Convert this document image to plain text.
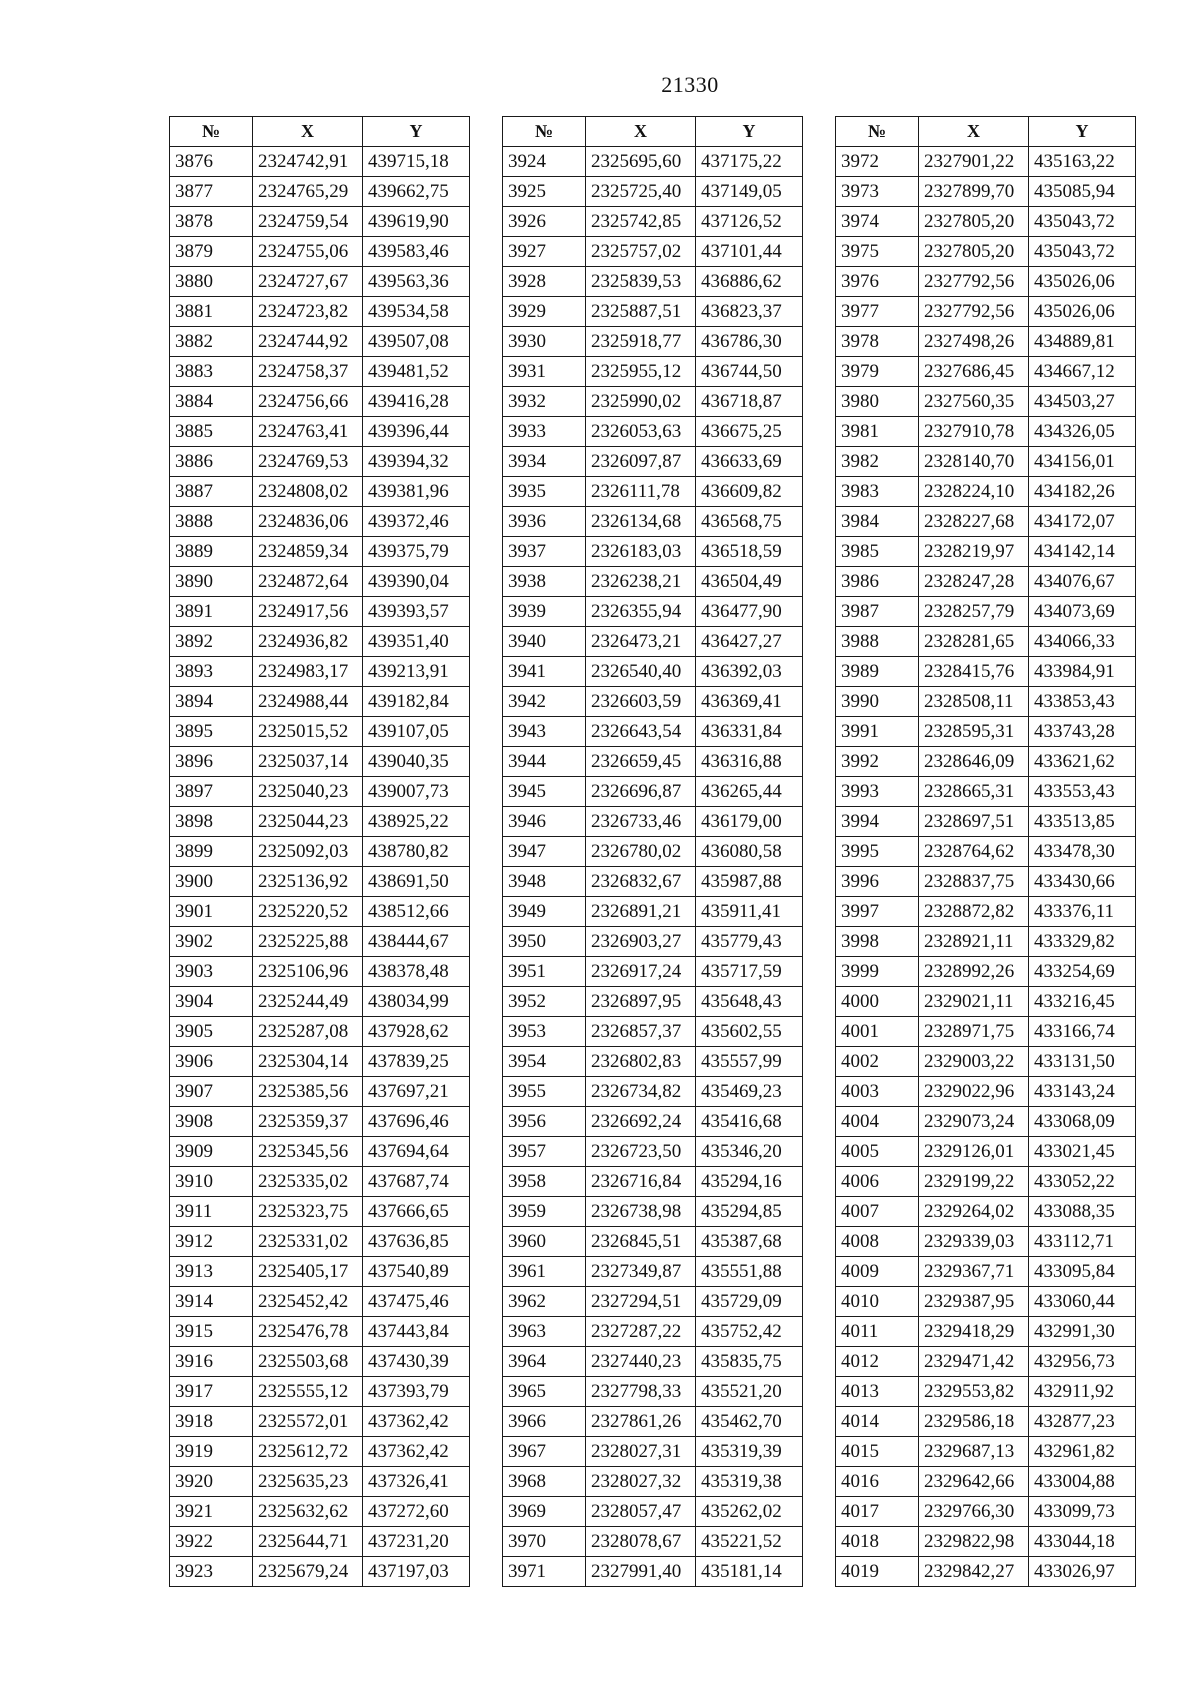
21330
№	X	Y
3876	2324742,91	439715,18
3877	2324765,29	439662,75
3878	2324759,54	439619,90
3879	2324755,06	439583,46
3880	2324727,67	439563,36
3881	2324723,82	439534,58
3882	2324744,92	439507,08
3883	2324758,37	439481,52
3884	2324756,66	439416,28
3885	2324763,41	439396,44
3886	2324769,53	439394,32
3887	2324808,02	439381,96
3888	2324836,06	439372,46
3889	2324859,34	439375,79
3890	2324872,64	439390,04
3891	2324917,56	439393,57
3892	2324936,82	439351,40
3893	2324983,17	439213,91
3894	2324988,44	439182,84
3895	2325015,52	439107,05
3896	2325037,14	439040,35
3897	2325040,23	439007,73
3898	2325044,23	438925,22
3899	2325092,03	438780,82
3900	2325136,92	438691,50
3901	2325220,52	438512,66
3902	2325225,88	438444,67
3903	2325106,96	438378,48
3904	2325244,49	438034,99
3905	2325287,08	437928,62
3906	2325304,14	437839,25
3907	2325385,56	437697,21
3908	2325359,37	437696,46
3909	2325345,56	437694,64
3910	2325335,02	437687,74
3911	2325323,75	437666,65
3912	2325331,02	437636,85
3913	2325405,17	437540,89
3914	2325452,42	437475,46
3915	2325476,78	437443,84
3916	2325503,68	437430,39
3917	2325555,12	437393,79
3918	2325572,01	437362,42
3919	2325612,72	437362,42
3920	2325635,23	437326,41
3921	2325632,62	437272,60
3922	2325644,71	437231,20
3923	2325679,24	437197,03
№	X	Y
3924	2325695,60	437175,22
3925	2325725,40	437149,05
3926	2325742,85	437126,52
3927	2325757,02	437101,44
3928	2325839,53	436886,62
3929	2325887,51	436823,37
3930	2325918,77	436786,30
3931	2325955,12	436744,50
3932	2325990,02	436718,87
3933	2326053,63	436675,25
3934	2326097,87	436633,69
3935	2326111,78	436609,82
3936	2326134,68	436568,75
3937	2326183,03	436518,59
3938	2326238,21	436504,49
3939	2326355,94	436477,90
3940	2326473,21	436427,27
3941	2326540,40	436392,03
3942	2326603,59	436369,41
3943	2326643,54	436331,84
3944	2326659,45	436316,88
3945	2326696,87	436265,44
3946	2326733,46	436179,00
3947	2326780,02	436080,58
3948	2326832,67	435987,88
3949	2326891,21	435911,41
3950	2326903,27	435779,43
3951	2326917,24	435717,59
3952	2326897,95	435648,43
3953	2326857,37	435602,55
3954	2326802,83	435557,99
3955	2326734,82	435469,23
3956	2326692,24	435416,68
3957	2326723,50	435346,20
3958	2326716,84	435294,16
3959	2326738,98	435294,85
3960	2326845,51	435387,68
3961	2327349,87	435551,88
3962	2327294,51	435729,09
3963	2327287,22	435752,42
3964	2327440,23	435835,75
3965	2327798,33	435521,20
3966	2327861,26	435462,70
3967	2328027,31	435319,39
3968	2328027,32	435319,38
3969	2328057,47	435262,02
3970	2328078,67	435221,52
3971	2327991,40	435181,14
№	X	Y
3972	2327901,22	435163,22
3973	2327899,70	435085,94
3974	2327805,20	435043,72
3975	2327805,20	435043,72
3976	2327792,56	435026,06
3977	2327792,56	435026,06
3978	2327498,26	434889,81
3979	2327686,45	434667,12
3980	2327560,35	434503,27
3981	2327910,78	434326,05
3982	2328140,70	434156,01
3983	2328224,10	434182,26
3984	2328227,68	434172,07
3985	2328219,97	434142,14
3986	2328247,28	434076,67
3987	2328257,79	434073,69
3988	2328281,65	434066,33
3989	2328415,76	433984,91
3990	2328508,11	433853,43
3991	2328595,31	433743,28
3992	2328646,09	433621,62
3993	2328665,31	433553,43
3994	2328697,51	433513,85
3995	2328764,62	433478,30
3996	2328837,75	433430,66
3997	2328872,82	433376,11
3998	2328921,11	433329,82
3999	2328992,26	433254,69
4000	2329021,11	433216,45
4001	2328971,75	433166,74
4002	2329003,22	433131,50
4003	2329022,96	433143,24
4004	2329073,24	433068,09
4005	2329126,01	433021,45
4006	2329199,22	433052,22
4007	2329264,02	433088,35
4008	2329339,03	433112,71
4009	2329367,71	433095,84
4010	2329387,95	433060,44
4011	2329418,29	432991,30
4012	2329471,42	432956,73
4013	2329553,82	432911,92
4014	2329586,18	432877,23
4015	2329687,13	432961,82
4016	2329642,66	433004,88
4017	2329766,30	433099,73
4018	2329822,98	433044,18
4019	2329842,27	433026,97
